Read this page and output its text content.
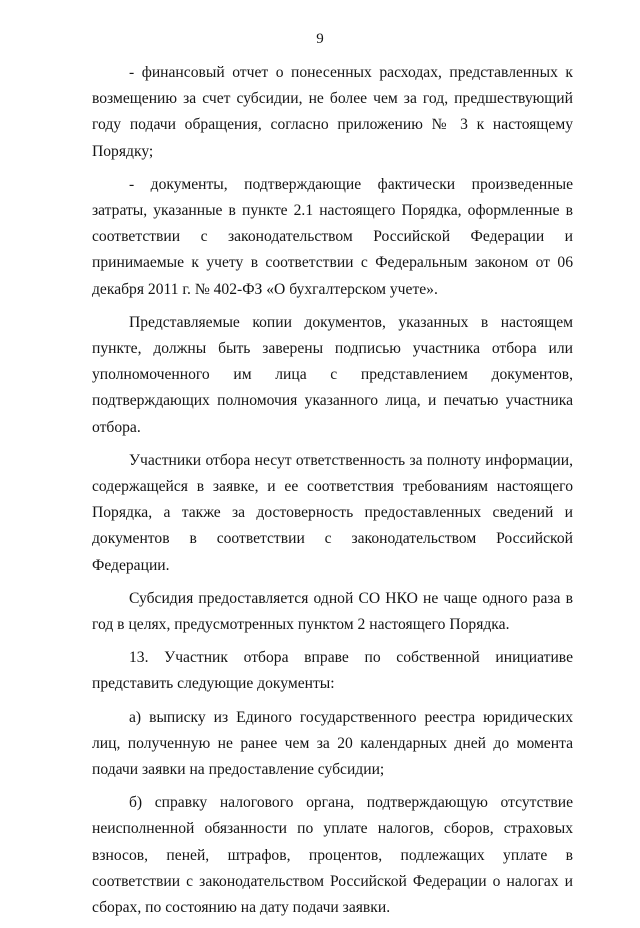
9

- финансовый отчет о понесенных расходах, представленных к возмещению за счет субсидии, не более чем за год, предшествующий году подачи обращения, согласно приложению № 3 к настоящему Порядку;

- документы, подтверждающие фактически произведенные затраты, указанные в пункте 2.1 настоящего Порядка, оформленные в соответствии с законодательством Российской Федерации и принимаемые к учету в соответствии с Федеральным законом от 06 декабря 2011 г. № 402-ФЗ «О бухгалтерском учете».

Представляемые копии документов, указанных в настоящем пункте, должны быть заверены подписью участника отбора или уполномоченного им лица с представлением документов, подтверждающих полномочия указанного лица, и печатью участника отбора.

Участники отбора несут ответственность за полноту информации, содержащейся в заявке, и ее соответствия требованиям настоящего Порядка, а также за достоверность предоставленных сведений и документов в соответствии с законодательством Российской Федерации.

Субсидия предоставляется одной СО НКО не чаще одного раза в год в целях, предусмотренных пунктом 2 настоящего Порядка.

13. Участник отбора вправе по собственной инициативе представить следующие документы:

а) выписку из Единого государственного реестра юридических лиц, полученную не ранее чем за 20 календарных дней до момента подачи заявки на предоставление субсидии;

б) справку налогового органа, подтверждающую отсутствие неисполненной обязанности по уплате налогов, сборов, страховых взносов, пеней, штрафов, процентов, подлежащих уплате в соответствии с законодательством Российской Федерации о налогах и сборах, по состоянию на дату подачи заявки.
